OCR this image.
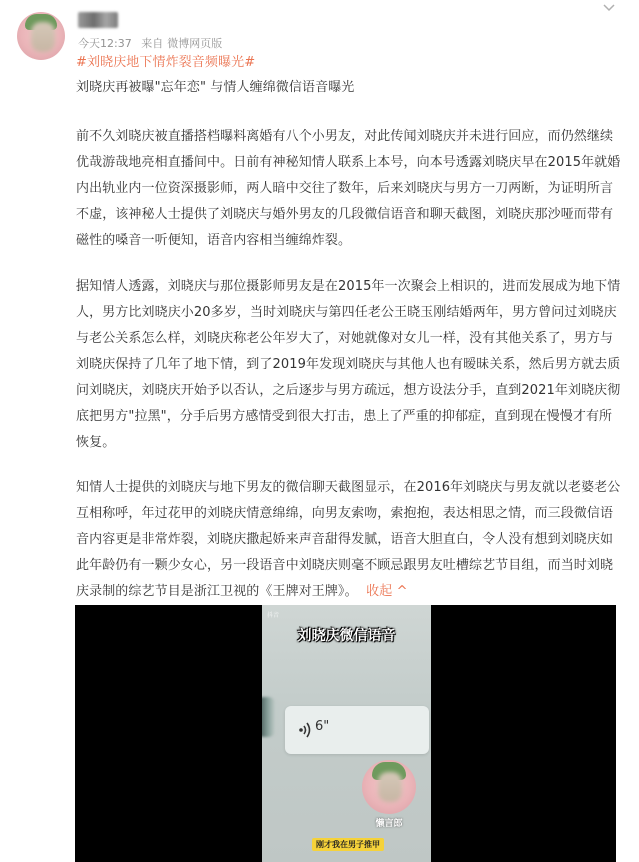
今天12:37 来自 微博网页版
#刘晓庆地下情炸裂音频曝光#
刘晓庆再被曝"忘年恋" 与情人缠绵微信语音曝光
前不久刘晓庆被直播搭档曝料离婚有八个小男友，对此传闻刘晓庆并未进行回应，而仍然继续优哉游哉地亮相直播间中。日前有神秘知情人联系上本号，向本号透露刘晓庆早在2015年就婚内出轨业内一位资深摄影师，两人暗中交往了数年，后来刘晓庆与男方一刀两断，为证明所言不虚，该神秘人士提供了刘晓庆与婚外男友的几段微信语音和聊天截图，刘晓庆那沙哑而带有磁性的嗓音一听便知，语音内容相当缠绵炸裂。
据知情人透露，刘晓庆与那位摄影师男友是在2015年一次聚会上相识的，进而发展成为地下情人，男方比刘晓庆小20多岁，当时刘晓庆与第四任老公王晓玉刚结婚两年，男方曾问过刘晓庆与老公关系怎么样，刘晓庆称老公年岁大了，对她就像对女儿一样，没有其他关系了，男方与刘晓庆保持了几年了地下情，到了2019年发现刘晓庆与其他人也有暧昧关系，然后男方就去质问刘晓庆，刘晓庆开始予以否认，之后逐步与男方疏远，想方设法分手，直到2021年刘晓庆彻底把男方"拉黑"，分手后男方感情受到很大打击，患上了严重的抑郁症，直到现在慢慢才有所恢复。
知情人士提供的刘晓庆与地下男友的微信聊天截图显示，在2016年刘晓庆与男友就以老婆老公互相称呼，年过花甲的刘晓庆情意绵绵，向男友索吻，索抱抱，表达相思之情，而三段微信语音内容更是非常炸裂，刘晓庆撒起娇来声音甜得发腻，语音大胆直白，令人没有想到刘晓庆如此年龄仍有一颗少女心，另一段语音中刘晓庆则毫不顾忌跟男友吐槽综艺节目组，而当时刘晓庆录制的综艺节目是浙江卫视的《王牌对王牌》。 收起 ^
抖音
刘晓庆微信语音
6"
懒言郎
刚才我在男子推甲
